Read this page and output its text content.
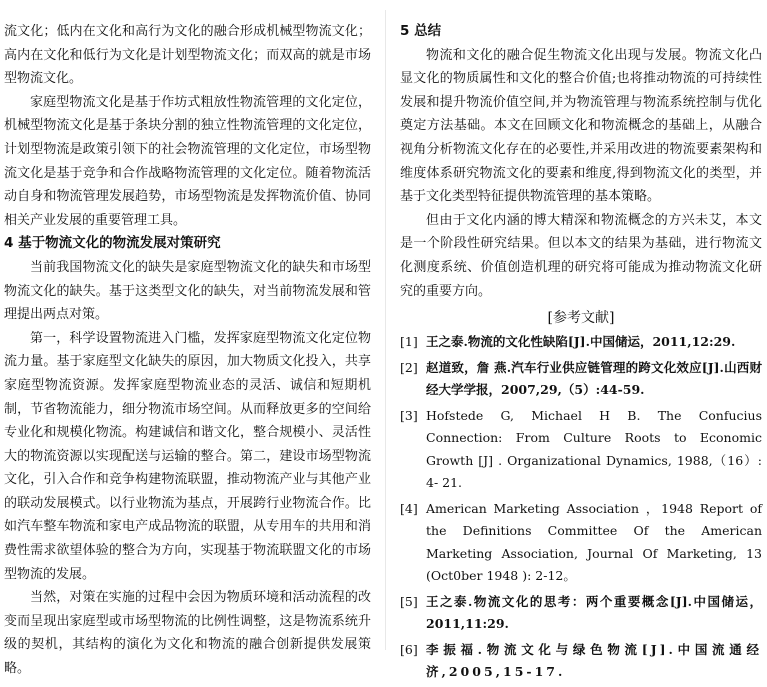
流文化；低内在文化和高行为文化的融合形成机械型物流文化；高内在文化和低行为文化是计划型物流文化；而双高的就是市场型物流文化。

家庭型物流文化是基于作坊式粗放性物流管理的文化定位，机械型物流文化是基于条块分割的独立性物流管理的文化定位，计划型物流是政策引领下的社会物流管理的文化定位，市场型物流文化是基于竞争和合作战略物流管理的文化定位。随着物流活动自身和物流管理发展趋势，市场型物流是发挥物流价值、协同相关产业发展的重要管理工具。

4 基于物流文化的物流发展对策研究

当前我国物流文化的缺失是家庭型物流文化的缺失和市场型物流文化的缺失。基于这类型文化的缺失，对当前物流发展和管理提出两点对策。

第一，科学设置物流进入门槛，发挥家庭型物流文化定位物流力量。基于家庭型文化缺失的原因，加大物质文化投入，共享家庭型物流资源。发挥家庭型物流业态的灵活、诚信和短期机制，节省物流能力，细分物流市场空间。从而释放更多的空间给专业化和规模化物流。构建诚信和谐文化，整合规模小、灵活性大的物流资源以实现配送与运输的整合。第二，建设市场型物流文化，引入合作和竞争构建物流联盟，推动物流产业与其他产业的联动发展模式。以行业物流为基点，开展跨行业物流合作。比如汽车整车物流和家电产成品物流的联盟，从专用车的共用和消费性需求欲望体验的整合为方向，实现基于物流联盟文化的市场型物流的发展。

当然，对策在实施的过程中会因为物质环境和活动流程的改变而呈现出家庭型或市场型物流的比例性调整，这是物流系统升级的契机，其结构的演化为文化和物流的融合创新提供发展策略。

5 总结

物流和文化的融合促生物流文化出现与发展。物流文化凸显文化的物质属性和文化的整合价值;也将推动物流的可持续性发展和提升物流价值空间,并为物流管理与物流系统控制与优化奠定方法基础。本文在回顾文化和物流概念的基础上，从融合视角分析物流文化存在的必要性,并采用改进的物流要素架构和维度体系研究物流文化的要素和维度,得到物流文化的类型，并基于文化类型特征提供物流管理的基本策略。

但由于文化内涵的博大精深和物流概念的方兴未艾，本文是一个阶段性研究结果。但以本文的结果为基础，进行物流文化测度系统、价值创造机理的研究将可能成为推动物流文化研究的重要方向。

[参考文献]
[1] 王之泰.物流的文化性缺陷[J].中国储运，2011,12:29.
[2] 赵道致，詹 燕.汽车行业供应链管理的跨文化效应[J].山西财经大学学报，2007,29,（5）:44-59.
[3] Hofstede G, Michael H B. The Confucius Connection: From Culture Roots to Economic Growth [J] . Organizational Dynamics, 1988,（16）: 4- 21.
[4] American Marketing Association ，1948 Report of the Definitions Committee Of the American Marketing Association, Journal Of Marketing, 13 (Oct0ber 1948 ): 2-12。
[5] 王之泰.物流文化的思考：两个重要概念[J].中国储运，2011,11:29.
[6] 李振福.物流文化与绿色物流[J].中国流通经济,2005,15-17.
